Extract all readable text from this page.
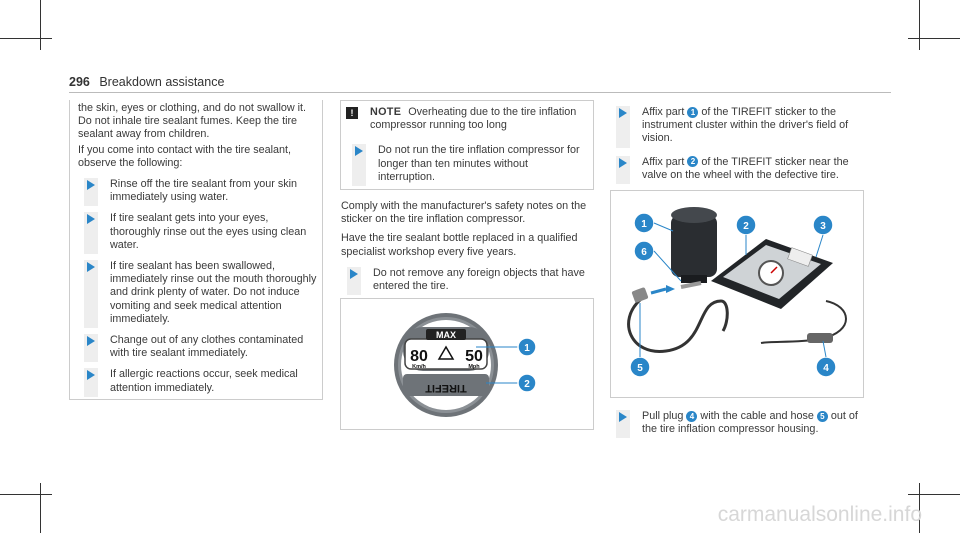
296 Breakdown assistance

the skin, eyes or clothing, and do not swallow it. Do not inhale tire sealant fumes. Keep the tire sealant away from children.

If you come into contact with the tire sealant, observe the following:

Rinse off the tire sealant from your skin immediately using water.
If tire sealant gets into your eyes, thoroughly rinse out the eyes using clean water.
If tire sealant has been swallowed, immediately rinse out the mouth thoroughly and drink plenty of water. Do not induce vomiting and seek medical attention immediately.
Change out of any clothes contaminated with tire sealant immediately.
If allergic reactions occur, seek medical attention immediately.
!	NOTE Overheating due to the tire inflation compressor running too long
Do not run the tire inflation compressor for longer than ten minutes without interruption.

Comply with the manufacturer's safety notes on the sticker on the tire inflation compressor.

Have the tire sealant bottle replaced in a qualified specialist workshop every five years.

Do not remove any foreign objects that have entered the tire.
MAX
80 50
Km/h	Mph
TIREFIT
1
2
Affix part 1 of the TIREFIT sticker to the instrument cluster within the driver's field of vision.
Affix part 2 of the TIREFIT sticker near the valve on the wheel with the defective tire.
1	2	3
4
5
6
Pull plug 4 with the cable and hose 5 out of the tire inflation compressor housing.
carmanualsonline.info
